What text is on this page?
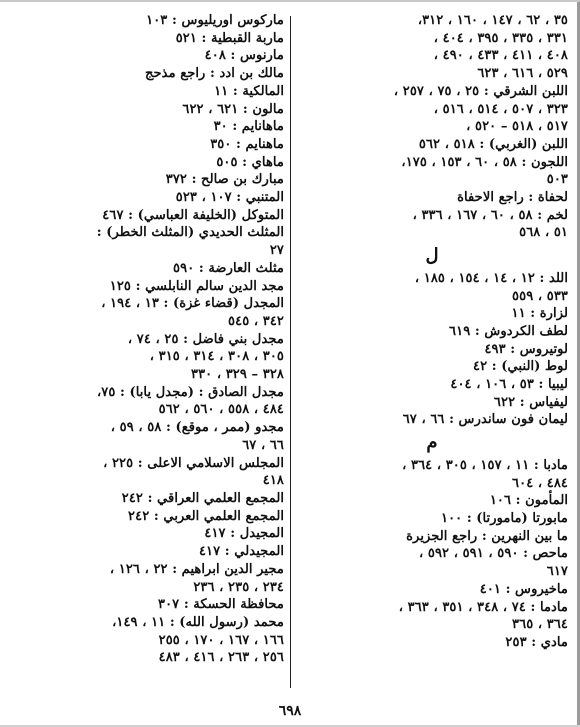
٣٥ ، ٦٢ ، ١٤٧ ، ١٦٠ ، ٣١٢،
٣٣١ ، ٣٣٥ ، ٣٩٥ ، ٤٠٤ ،
٤٠٨ ، ٤١١ ، ٤٣٣ ، ٤٩٠ ،
٥٢٩ ، ٦١٦ ، ٦٢٣
اللبن الشرقي : ٢٥ ، ٧٥ ، ٢٥٧ ،
٣٢٣ ، ٥٠٧ ، ٥١٤ ، ٥١٦ ،
٥١٧ ، ٥١٨ – ٥٢٠ ،
اللبن (الغربي) : ٥١٨ ، ٥٦٢
اللجون : ٥٨ ، ٦٠ ، ١٥٣ ، ١٧٥،
٥٠٣
لحفاة : راجع الاحفاة
لخم : ٥٨ ، ٦٠ ، ١٦٧ ، ٣٣٦ ،
٥١ ، ٥٦٨
ل
اللد : ١٢ ، ١٤ ، ١٥٤ ، ١٨٥ ،
٥٣٣ ، ٥٥٩
لزارة : ١١
لطف الكردوش : ٦١٩
لوتيروس : ٤٩٣
لوط (النبي) : ٤٢
ليبيا : ٥٣ ، ١٠٦ ، ٤٠٤
ليفياس : ٦٢٢
ليمان فون ساندرس : ٦٦ ، ٦٧
م
مادبا : ١١ ، ١٥٧ ، ٣٠٥ ، ٣٦٤ ،
٤٨٤ ، ٦٠٤
المأمون : ١٠٦
مابورتا (مامورتا) : ١٠٠
ما بين النهرين : راجع الجزيرة
ماحص : ٥٩٠ ، ٥٩١ ، ٥٩٢ ،
٦١٧
ماخيروس : ٤٠١
مادما : ٧٤ ، ٣٤٨ ، ٣٥١ ، ٣٦٣ ،
٣٦٤ ، ٣٦٥
مادي : ٢٥٣
ماركوس اوريليوس : ١٠٣
ماربة القبطية : ٥٢١
مارنوس : ٤٠٨
مالك بن ادد : راجع مذحج
المالكية : ١١
مالون : ٦٢١ ، ٦٢٢
ماهانايم : ٣٠
ماهنايم : ٣٥٠
ماهاي : ٥٠٥
مبارك بن صالح : ٣٧٢
المتنبي : ١٠٧ ، ٥٢٣
المتوكل (الخليفة العباسي) : ٤٦٧
المثلث الحديدي (المثلث الخطر) :
٢٧
مثلث العارضة : ٥٩٠
مجد الدين سالم النابلسي : ١٢٥
المجدل (قضاء غزة) : ١٣ ، ١٩٤ ،
٣٤٢ ، ٥٤٥
مجدل بني فاضل : ٢٥ ، ٧٤ ،
٣٠٥ ، ٣٠٨ ، ٣١٤ ، ٣١٥ ،
٣٢٨ – ٣٢٩ ، ٣٣٠
مجدل الصادق : (مجدل يابا) : ٧٥،
٤٨٤ ، ٥٥٨ ، ٥٦٠ ، ٥٦٢
مجدو (ممر ، موقع) : ٥٨ ، ٥٩ ،
٦٦ ، ٦٧
المجلس الاسلامي الاعلى : ٢٢٥ ،
٤١٨
المجمع العلمي العراقي : ٢٤٢
المجمع العلمي العربي : ٢٤٢
المجيدل : ٤١٧
المجيدلي : ٤١٧
مجير الدين ابراهيم : ٢٢ ، ١٢٦ ،
٢٣٤ ، ٢٣٥ ، ٢٣٦
محافظة الحسكة : ٣٠٧
محمد (رسول الله) : ١١ ، ١٤٩،
١٦٦ ، ١٦٧ ، ١٧٠ ، ٢٥٥
٢٥٦ ، ٢٦٣ ، ٤١٦ ، ٤٨٣
٦٩٨
